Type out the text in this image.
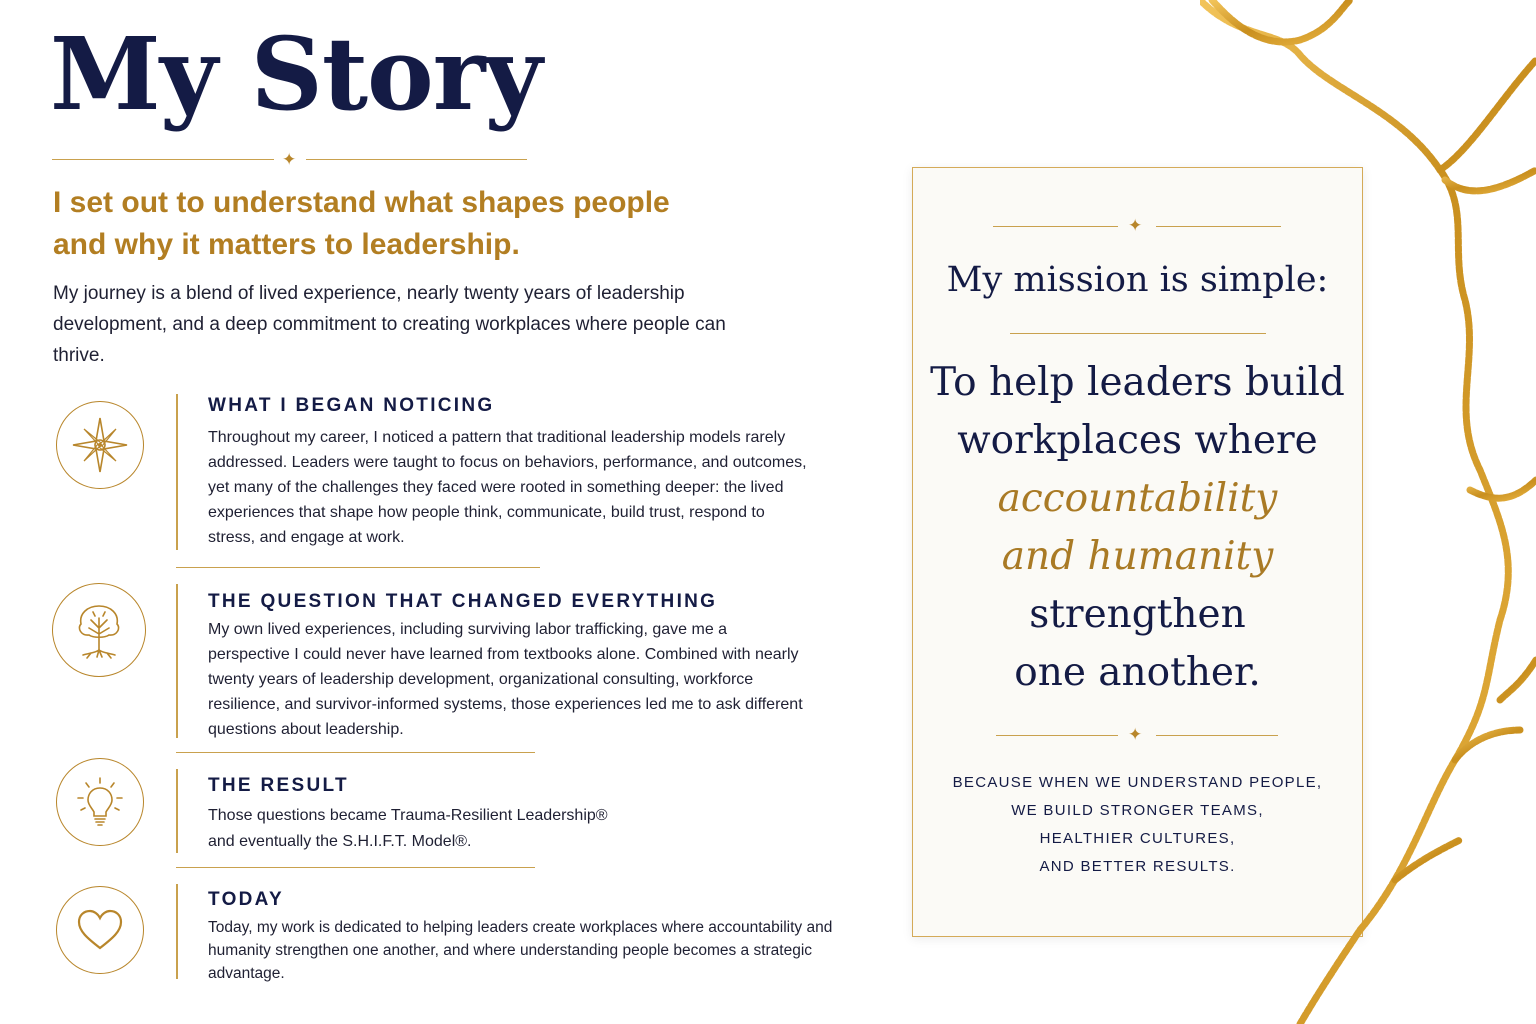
My Story
✦
I set out to understand what shapes people
and why it matters to leadership.

My journey is a blend of lived experience, nearly twenty years of leadership development, and a deep commitment to creating workplaces where people can thrive.

WHAT I BEGAN NOTICING

Throughout my career, I noticed a pattern that traditional leadership models rarely addressed. Leaders were taught to focus on behaviors, performance, and outcomes, yet many of the challenges they faced were rooted in something deeper: the lived experiences that shape how people think, communicate, build trust, respond to stress, and engage at work.

THE QUESTION THAT CHANGED EVERYTHING

My own lived experiences, including surviving labor trafficking, gave me a perspective I could never have learned from textbooks alone. Combined with nearly twenty years of leadership development, organizational consulting, workforce resilience, and survivor-informed systems, those experiences led me to ask different questions about leadership.

THE RESULT

Those questions became Trauma-Resilient Leadership®
and eventually the S.H.I.F.T. Model®.

TODAY

Today, my work is dedicated to helping leaders create workplaces where accountability and humanity strengthen one another, and where understanding people becomes a strategic advantage.

✦

My mission is simple:

To help leaders build
workplaces where
accountability
and humanity
strengthen
one another.

✦

BECAUSE WHEN WE UNDERSTAND PEOPLE,
WE BUILD STRONGER TEAMS,
HEALTHIER CULTURES,
AND BETTER RESULTS.
